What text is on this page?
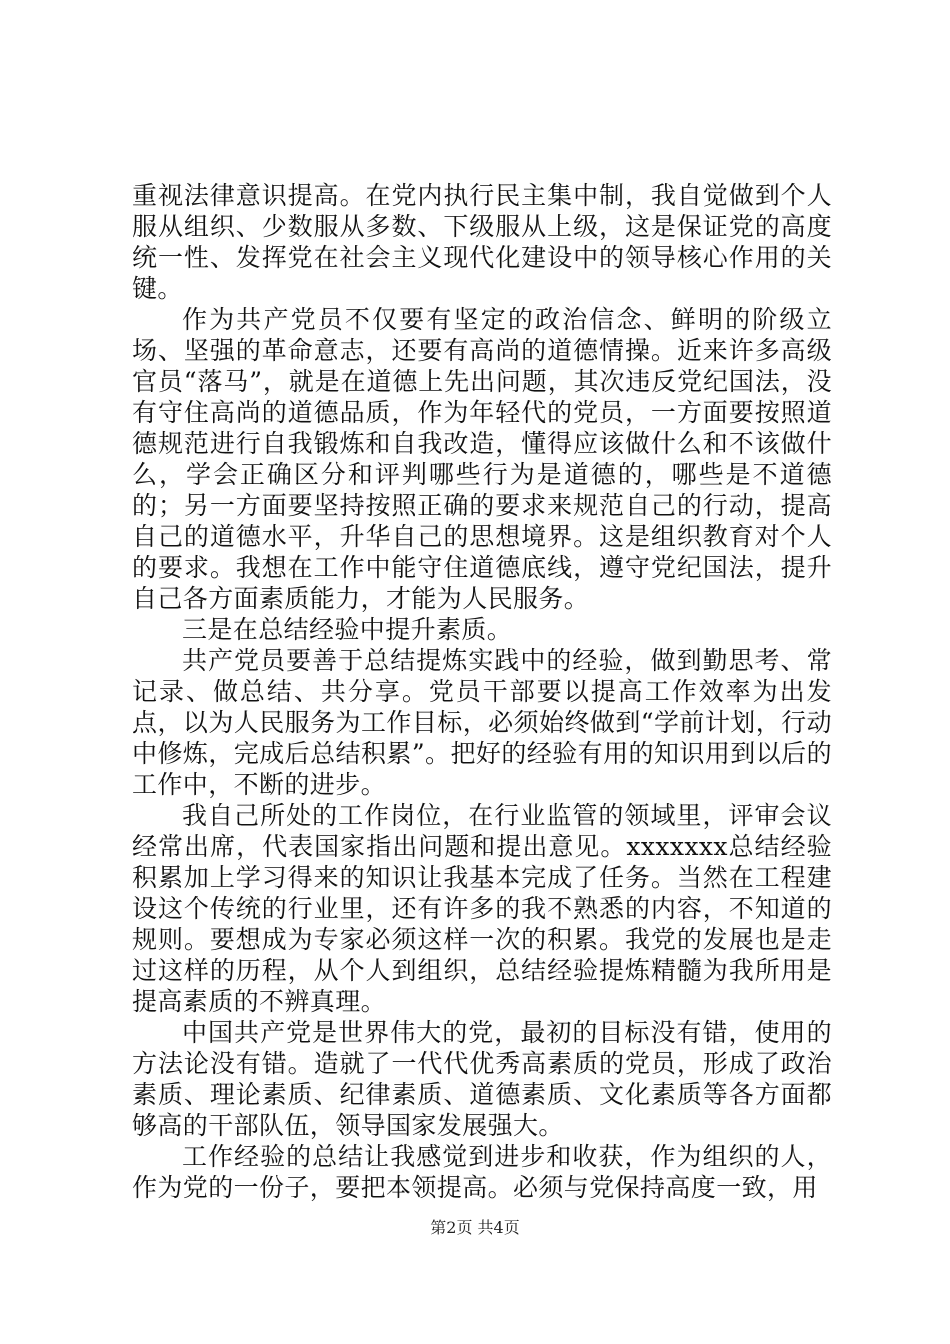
重视法律意识提高。在党内执行民主集中制，我自觉做到个人服从组织、少数服从多数、下级服从上级，这是保证党的高度统一性、发挥党在社会主义现代化建设中的领导核心作用的关键。

作为共产党员不仅要有坚定的政治信念、鲜明的阶级立场、坚强的革命意志，还要有高尚的道德情操。近来许多高级官员“落马”，就是在道德上先出问题，其次违反党纪国法，没有守住高尚的道德品质，作为年轻代的党员，一方面要按照道德规范进行自我锻炼和自我改造，懂得应该做什么和不该做什么，学会正确区分和评判哪些行为是道德的，哪些是不道德的；另一方面要坚持按照正确的要求来规范自己的行动，提高自己的道德水平，升华自己的思想境界。这是组织教育对个人的要求。我想在工作中能守住道德底线，遵守党纪国法，提升自己各方面素质能力，才能为人民服务。

三是在总结经验中提升素质。

共产党员要善于总结提炼实践中的经验，做到勤思考、常记录、做总结、共分享。党员干部要以提高工作效率为出发点，以为人民服务为工作目标，必须始终做到“学前计划，行动中修炼，完成后总结积累”。把好的经验有用的知识用到以后的工作中，不断的进步。

我自己所处的工作岗位，在行业监管的领域里，评审会议经常出席，代表国家指出问题和提出意见。xxxxxxx总结经验积累加上学习得来的知识让我基本完成了任务。当然在工程建设这个传统的行业里，还有许多的我不熟悉的内容，不知道的规则。要想成为专家必须这样一次的积累。我党的发展也是走过这样的历程，从个人到组织，总结经验提炼精髓为我所用是提高素质的不辨真理。

中国共产党是世界伟大的党，最初的目标没有错，使用的方法论没有错。造就了一代代优秀高素质的党员，形成了政治素质、理论素质、纪律素质、道德素质、文化素质等各方面都够高的干部队伍，领导国家发展强大。

工作经验的总结让我感觉到进步和收获，作为组织的人，作为党的一份子，要把本领提高。必须与党保持高度一致，用

第2页 共4页
